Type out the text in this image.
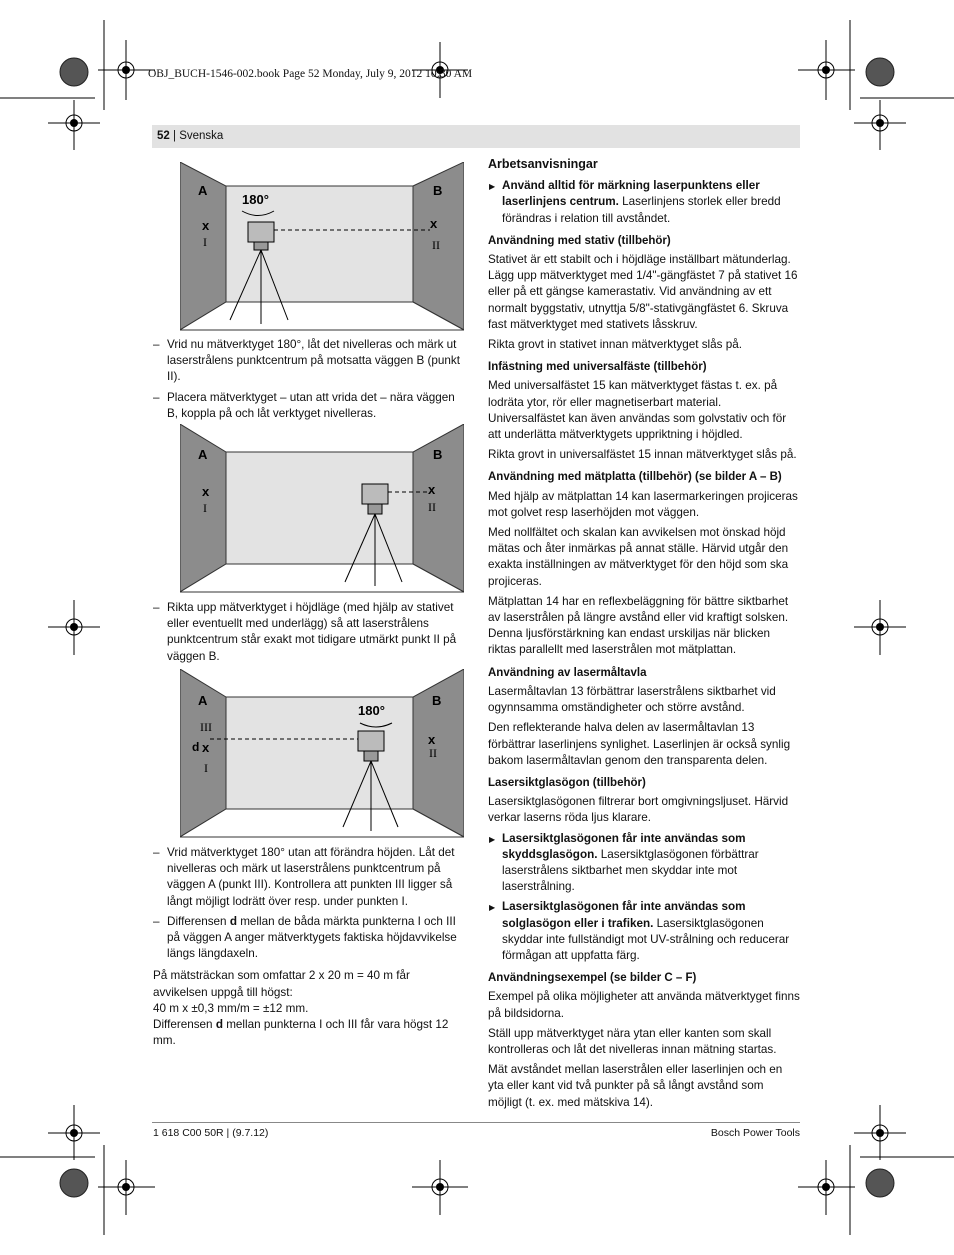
OBJ_BUCH-1546-002.book Page 52 Monday, July 9, 2012 10:30 AM
52 | Svenska
A	B
180°
x
I
x
II
A	B
x
I
x
II
A	B
180°
III
d x
I
x
II

– Vrid nu mätverktyget 180°, låt det nivelleras och märk ut laserstrålens punktcentrum på motsatta väggen B (punkt II).

– Placera mätverktyget – utan att vrida det – nära väggen B, koppla på och låt verktyget nivelleras.

– Rikta upp mätverktyget i höjdläge (med hjälp av stativet eller eventuellt med underlägg) så att laserstrålens punktcentrum står exakt mot tidigare utmärkt punkt II på väggen B.

– Vrid mätverktyget 180° utan att förändra höjden. Låt det nivelleras och märk ut laserstrålens punktcentrum på väggen A (punkt III). Kontrollera att punkten III ligger så långt möjligt lodrätt över resp. under punkten I.

– Differensen d mellan de båda märkta punkterna I och III på väggen A anger mätverktygets faktiska höjdavvikelse längs längdaxeln.

På mätsträckan som omfattar 2 x 20 m = 40 m får avvikelsen uppgå till högst:

40 m x ±0,3 mm/m = ±12 mm.

Differensen d mellan punkterna I och III får vara högst 12 mm.

Arbetsanvisningar

▶ Använd alltid för märkning laserpunktens eller laserlinjens centrum. Laserlinjens storlek eller bredd förändras i relation till avståndet.

Användning med stativ (tillbehör)

Stativet är ett stabilt och i höjdläge inställbart mätunderlag. Lägg upp mätverktyget med 1/4"-gängfästet 7 på stativet 16 eller på ett gängse kamerastativ. Vid användning av ett normalt byggstativ, utnyttja 5/8"-stativgängfästet 6. Skruva fast mätverktyget med stativets låsskruv.

Rikta grovt in stativet innan mätverktyget slås på.

Infästning med universalfäste (tillbehör)

Med universalfästet 15 kan mätverktyget fästas t. ex. på lodräta ytor, rör eller magnetiserbart material. Universalfästet kan även användas som golvstativ och för att underlätta mätverktygets uppriktning i höjdled.

Rikta grovt in universalfästet 15 innan mätverktyget slås på.

Användning med mätplatta (tillbehör) (se bilder A – B)

Med hjälp av mätplattan 14 kan lasermarkeringen projiceras mot golvet resp laserhöjden mot väggen.

Med nollfältet och skalan kan avvikelsen mot önskad höjd mätas och åter inmärkas på annat ställe. Härvid utgår den exakta inställningen av mätverktyget för den höjd som ska projiceras.

Mätplattan 14 har en reflexbeläggning för bättre siktbarhet av laserstrålen på längre avstånd eller vid kraftigt solsken. Denna ljusförstärkning kan endast urskiljas när blicken riktas parallellt med laserstrålen mot mätplattan.

Användning av lasermåltavla

Lasermåltavlan 13 förbättrar laserstrålens siktbarhet vid ogynnsamma omständigheter och större avstånd.

Den reflekterande halva delen av lasermåltavlan 13 förbättrar laserlinjens synlighet. Laserlinjen är också synlig bakom lasermåltavlan genom den transparenta delen.

Lasersiktglasögon (tillbehör)

Lasersiktglasögonen filtrerar bort omgivningsljuset. Härvid verkar laserns röda ljus klarare.

▶ Lasersiktglasögonen får inte användas som skyddsglasögon. Lasersiktglasögonen förbättrar laserstrålens siktbarhet men skyddar inte mot laserstrålning.

▶ Lasersiktglasögonen får inte användas som solglasögon eller i trafiken. Lasersiktglasögonen skyddar inte fullständigt mot UV-strålning och reducerar förmågan att uppfatta färg.

Användningsexempel (se bilder C – F)

Exempel på olika möjligheter att använda mätverktyget finns på bildsidorna.

Ställ upp mätverktyget nära ytan eller kanten som skall kontrolleras och låt det nivelleras innan mätning startas.

Mät avståndet mellan laserstrålen eller laserlinjen och en yta eller kant vid två punkter på så långt avstånd som möjligt (t. ex. med mätskiva 14).

1 618 C00 50R | (9.7.12)	Bosch Power Tools
